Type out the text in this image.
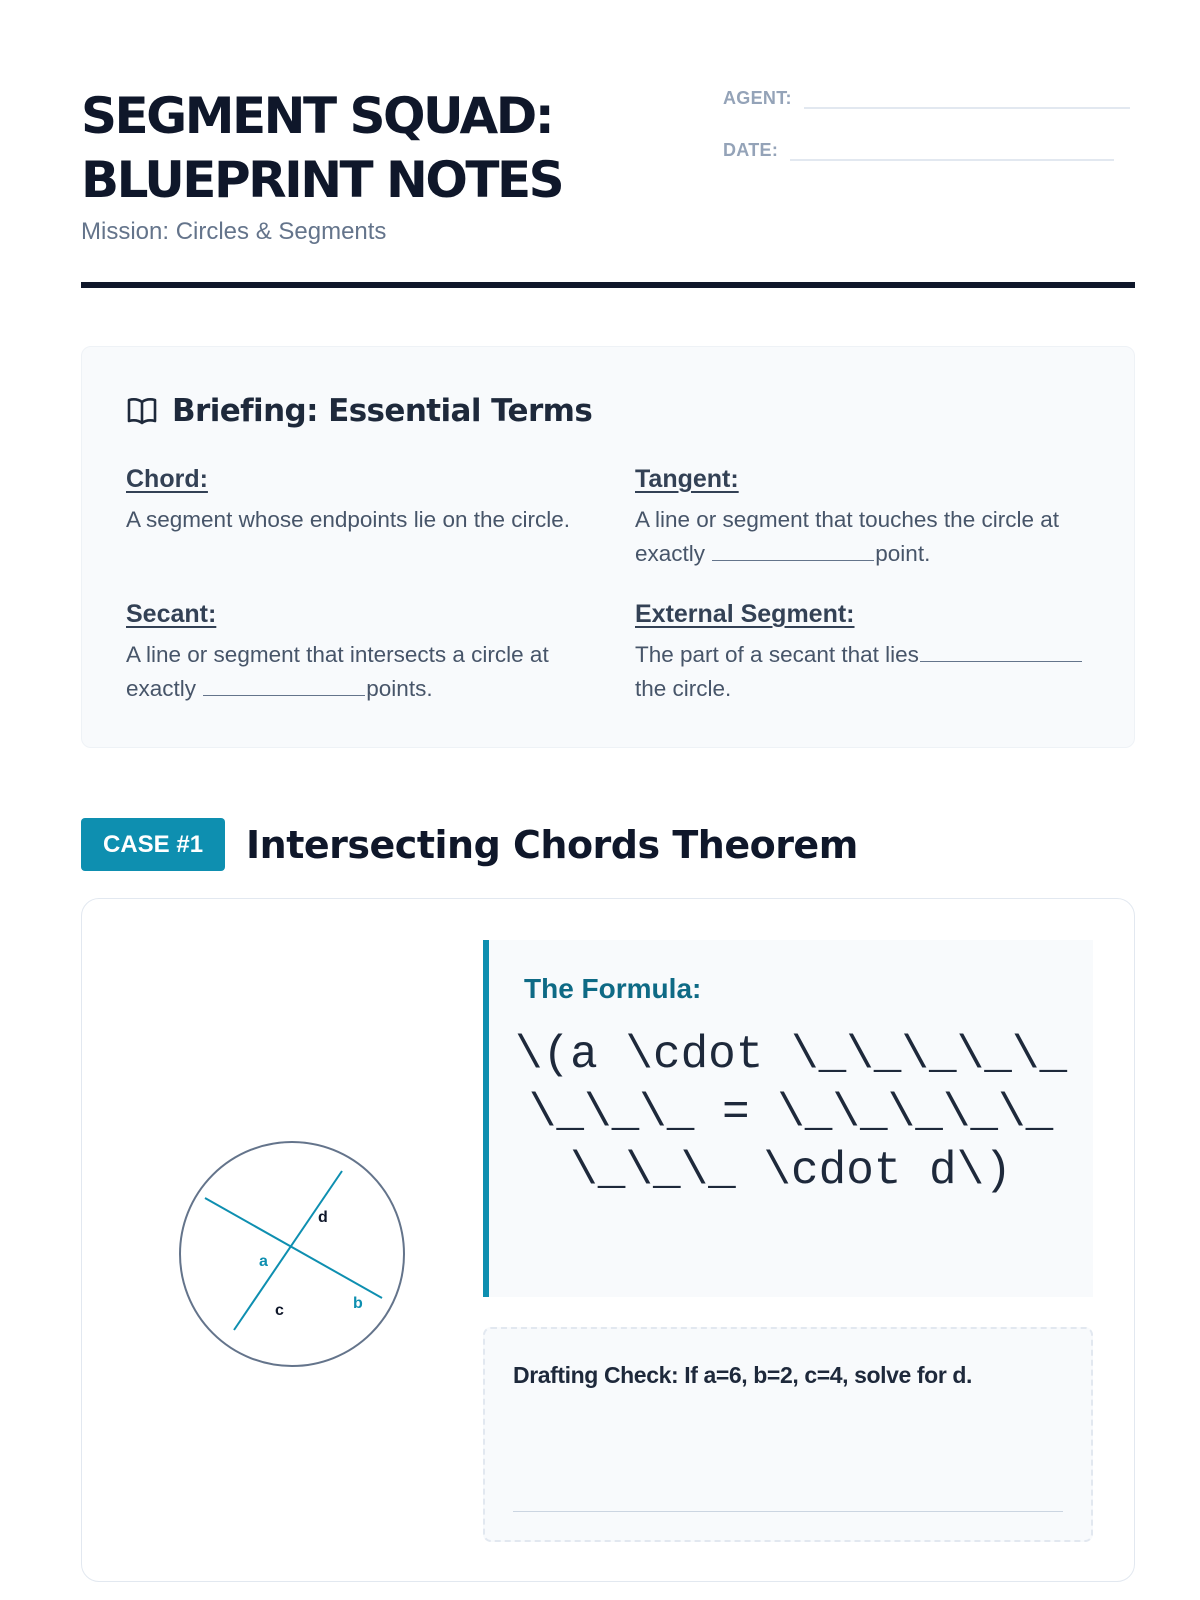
SEGMENT SQUAD:
BLUEPRINT NOTES
Mission: Circles & Segments
AGENT:
DATE:
Briefing: Essential Terms
Chord:
A segment whose endpoints lie on the circle.
Tangent:
A line or segment that touches the circle at exactly	point.
Secant:
A line or segment that intersects a circle at exactly	points.
External Segment:
The part of a secant that liesthe circle.
CASE #1	Intersecting Chords Theorem
a
b
c
d
The Formula:
\(a \cdot \_\_\_\_\_\_\_\_ = \_\_\_\_\_\_\_\_ \cdot d\)
Drafting Check: If a=6, b=2, c=4, solve for d.
